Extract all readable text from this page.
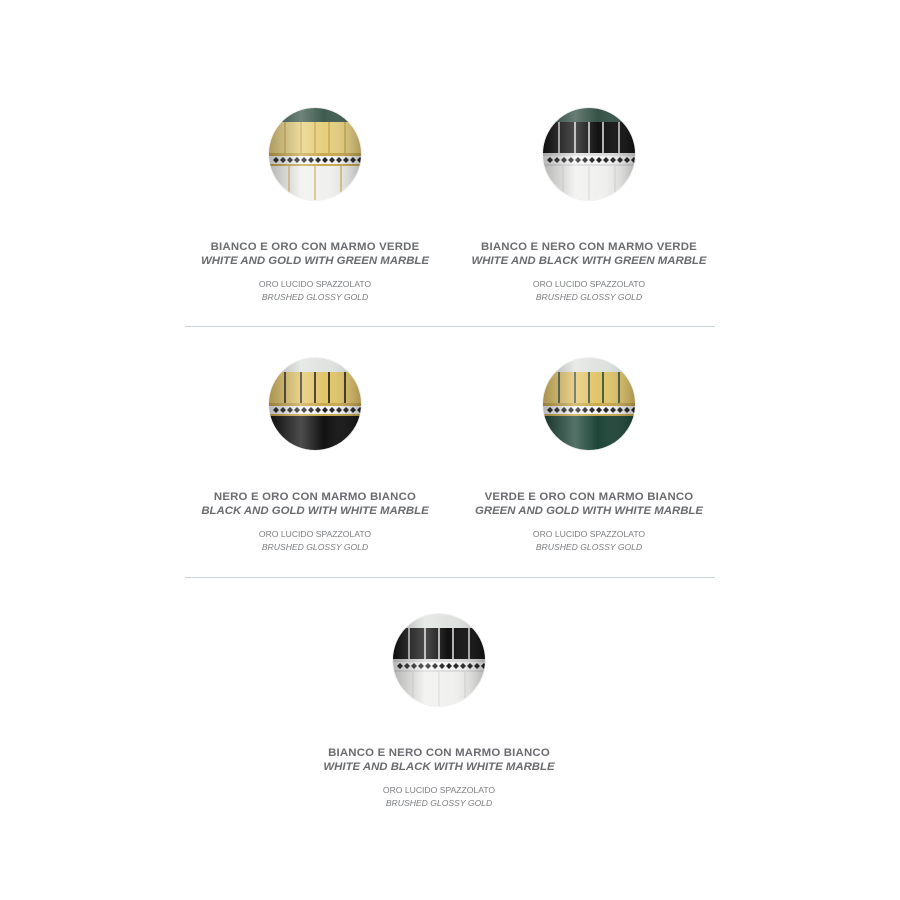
BIANCO E ORO CON MARMO VERDE
WHITE AND GOLD WITH GREEN MARBLE
ORO LUCIDO SPAZZOLATO
BRUSHED GLOSSY GOLD
BIANCO E NERO CON MARMO VERDE
WHITE AND BLACK WITH GREEN MARBLE
ORO LUCIDO SPAZZOLATO
BRUSHED GLOSSY GOLD
NERO E ORO CON MARMO BIANCO
BLACK AND GOLD WITH WHITE MARBLE
ORO LUCIDO SPAZZOLATO
BRUSHED GLOSSY GOLD
VERDE E ORO CON MARMO BIANCO
GREEN AND GOLD WITH WHITE MARBLE
ORO LUCIDO SPAZZOLATO
BRUSHED GLOSSY GOLD
BIANCO E NERO CON MARMO BIANCO
WHITE AND BLACK WITH WHITE MARBLE
ORO LUCIDO SPAZZOLATO
BRUSHED GLOSSY GOLD
